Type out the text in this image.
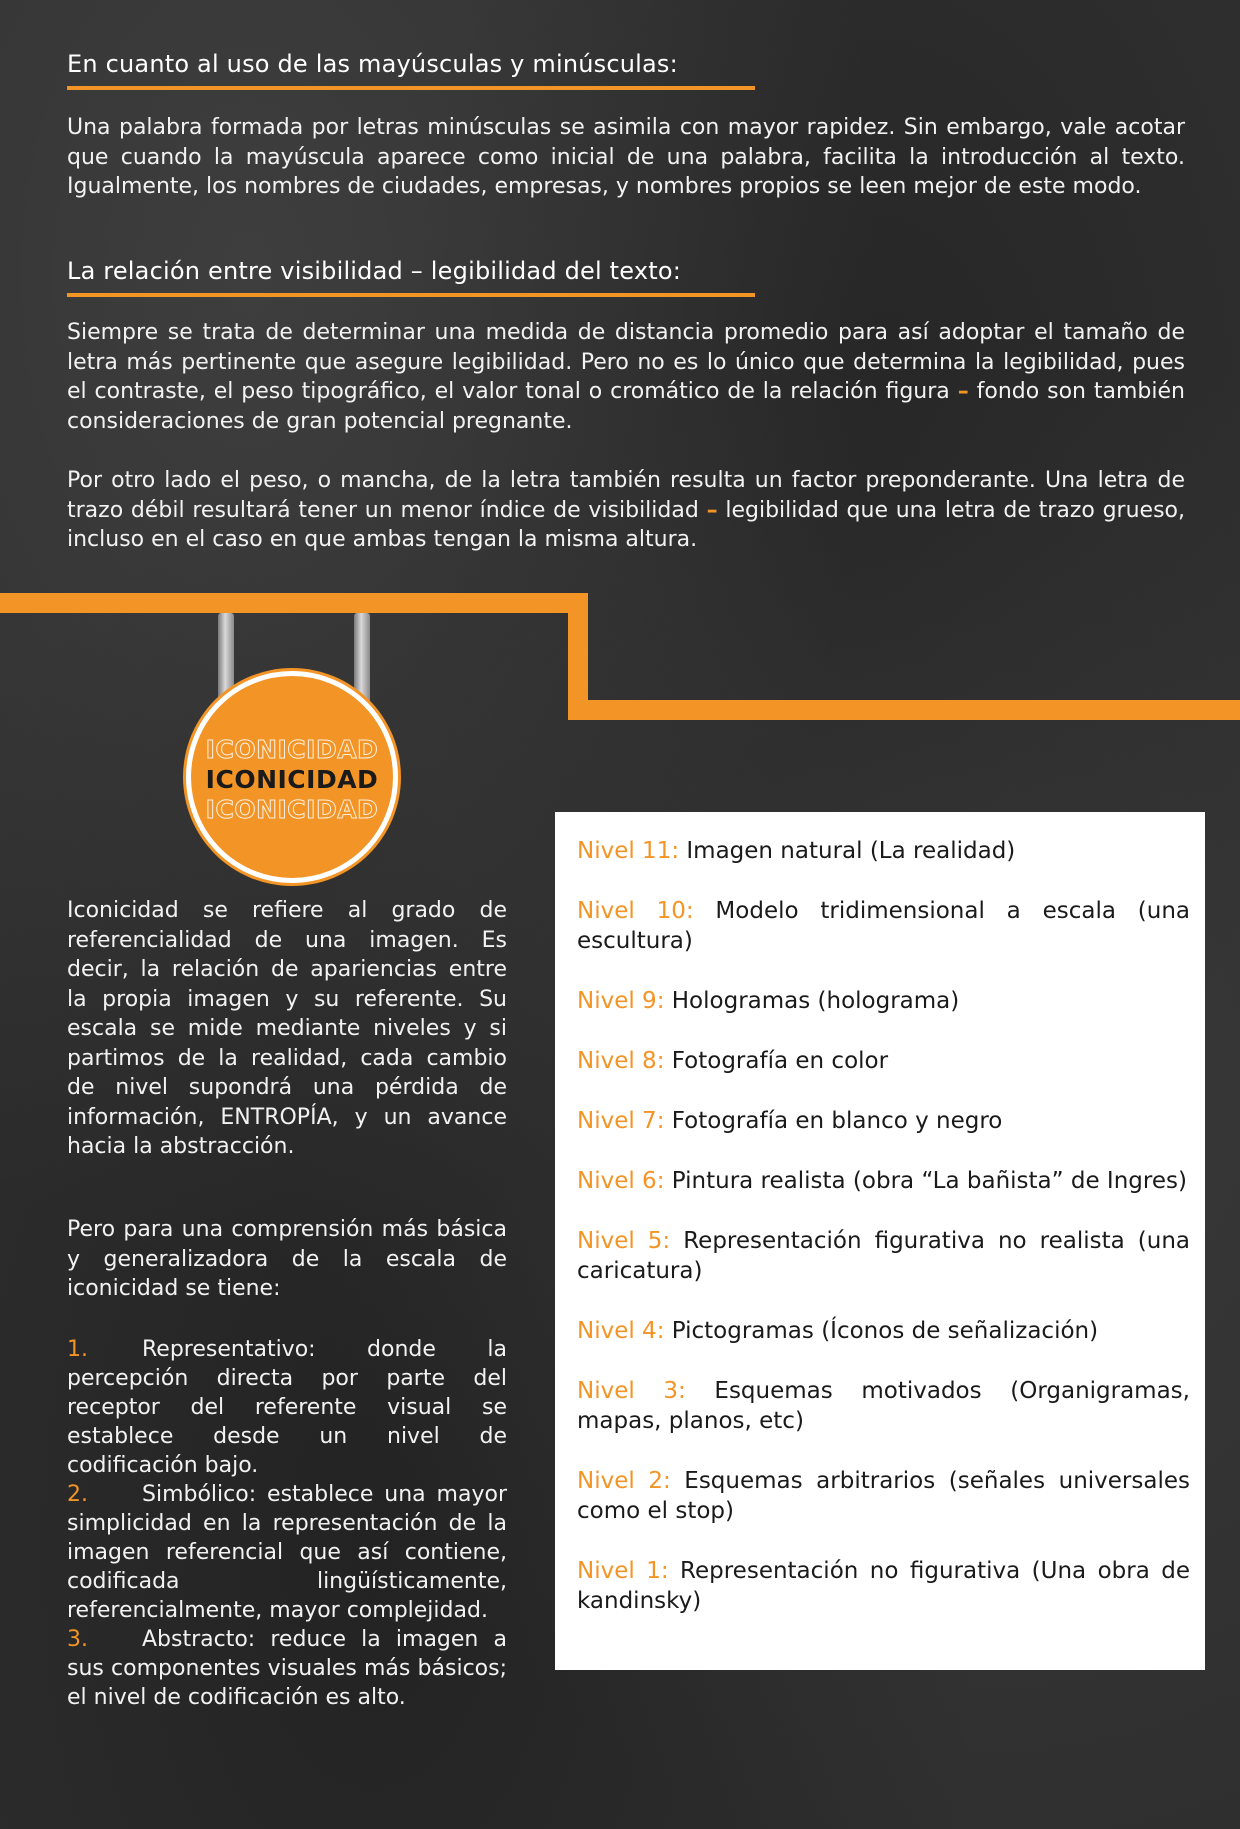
En cuanto al uso de las mayúsculas y minúsculas:

Una palabra formada por letras minúsculas se asimila con mayor rapidez. Sin embargo, vale acotar que cuando la mayúscula aparece como inicial de una palabra, facilita la introducción al texto. Igualmente, los nombres de ciudades, empresas, y nombres propios se leen mejor de este modo.

La relación entre visibilidad – legibilidad del texto:

Siempre se trata de determinar una medida de distancia promedio para así adoptar el tamaño de letra más pertinente que asegure legibilidad. Pero no es lo único que determina la legibilidad, pues el contraste, el peso tipográfico, el valor tonal o cromático de la relación figura – fondo son también consideraciones de gran potencial pregnante.

Por otro lado el peso, o mancha, de la letra también resulta un factor preponderante. Una letra de trazo débil resultará tener un menor índice de visibilidad – legibilidad que una letra de trazo grueso, incluso en el caso en que ambas tengan la misma altura.

ICONICIDAD
ICONICIDAD
ICONICIDAD

Iconicidad se refiere al grado de referencialidad de una imagen. Es decir, la relación de apariencias entre la propia imagen y su referente. Su escala se mide mediante niveles y si partimos de la realidad, cada cambio de nivel supondrá una pérdida de información, ENTROPÍA, y un avance hacia la abstracción.

Pero para una comprensión más básica y generalizadora de la escala de iconicidad se tiene:

1. Representativo: donde la percepción directa por parte del receptor del referente visual se establece desde un nivel de codificación bajo.
2. Simbólico: establece una mayor simplicidad en la representación de la imagen referencial que así contiene, codificada lingüísticamente, referencialmente, mayor complejidad.
3. Abstracto: reduce la imagen a sus componentes visuales más básicos; el nivel de codificación es alto.

Nivel 11: Imagen natural (La realidad)

Nivel 10: Modelo tridimensional a escala (una escultura)

Nivel 9: Hologramas (holograma)

Nivel 8: Fotografía en color

Nivel 7: Fotografía en blanco y negro

Nivel 6: Pintura realista (obra “La bañista” de Ingres)

Nivel 5: Representación figurativa no realista (una caricatura)

Nivel 4: Pictogramas (Íconos de señalización)

Nivel 3: Esquemas motivados (Organigramas, mapas, planos, etc)

Nivel 2: Esquemas arbitrarios (señales universales como el stop)

Nivel 1: Representación no figurativa (Una obra de kandinsky)
